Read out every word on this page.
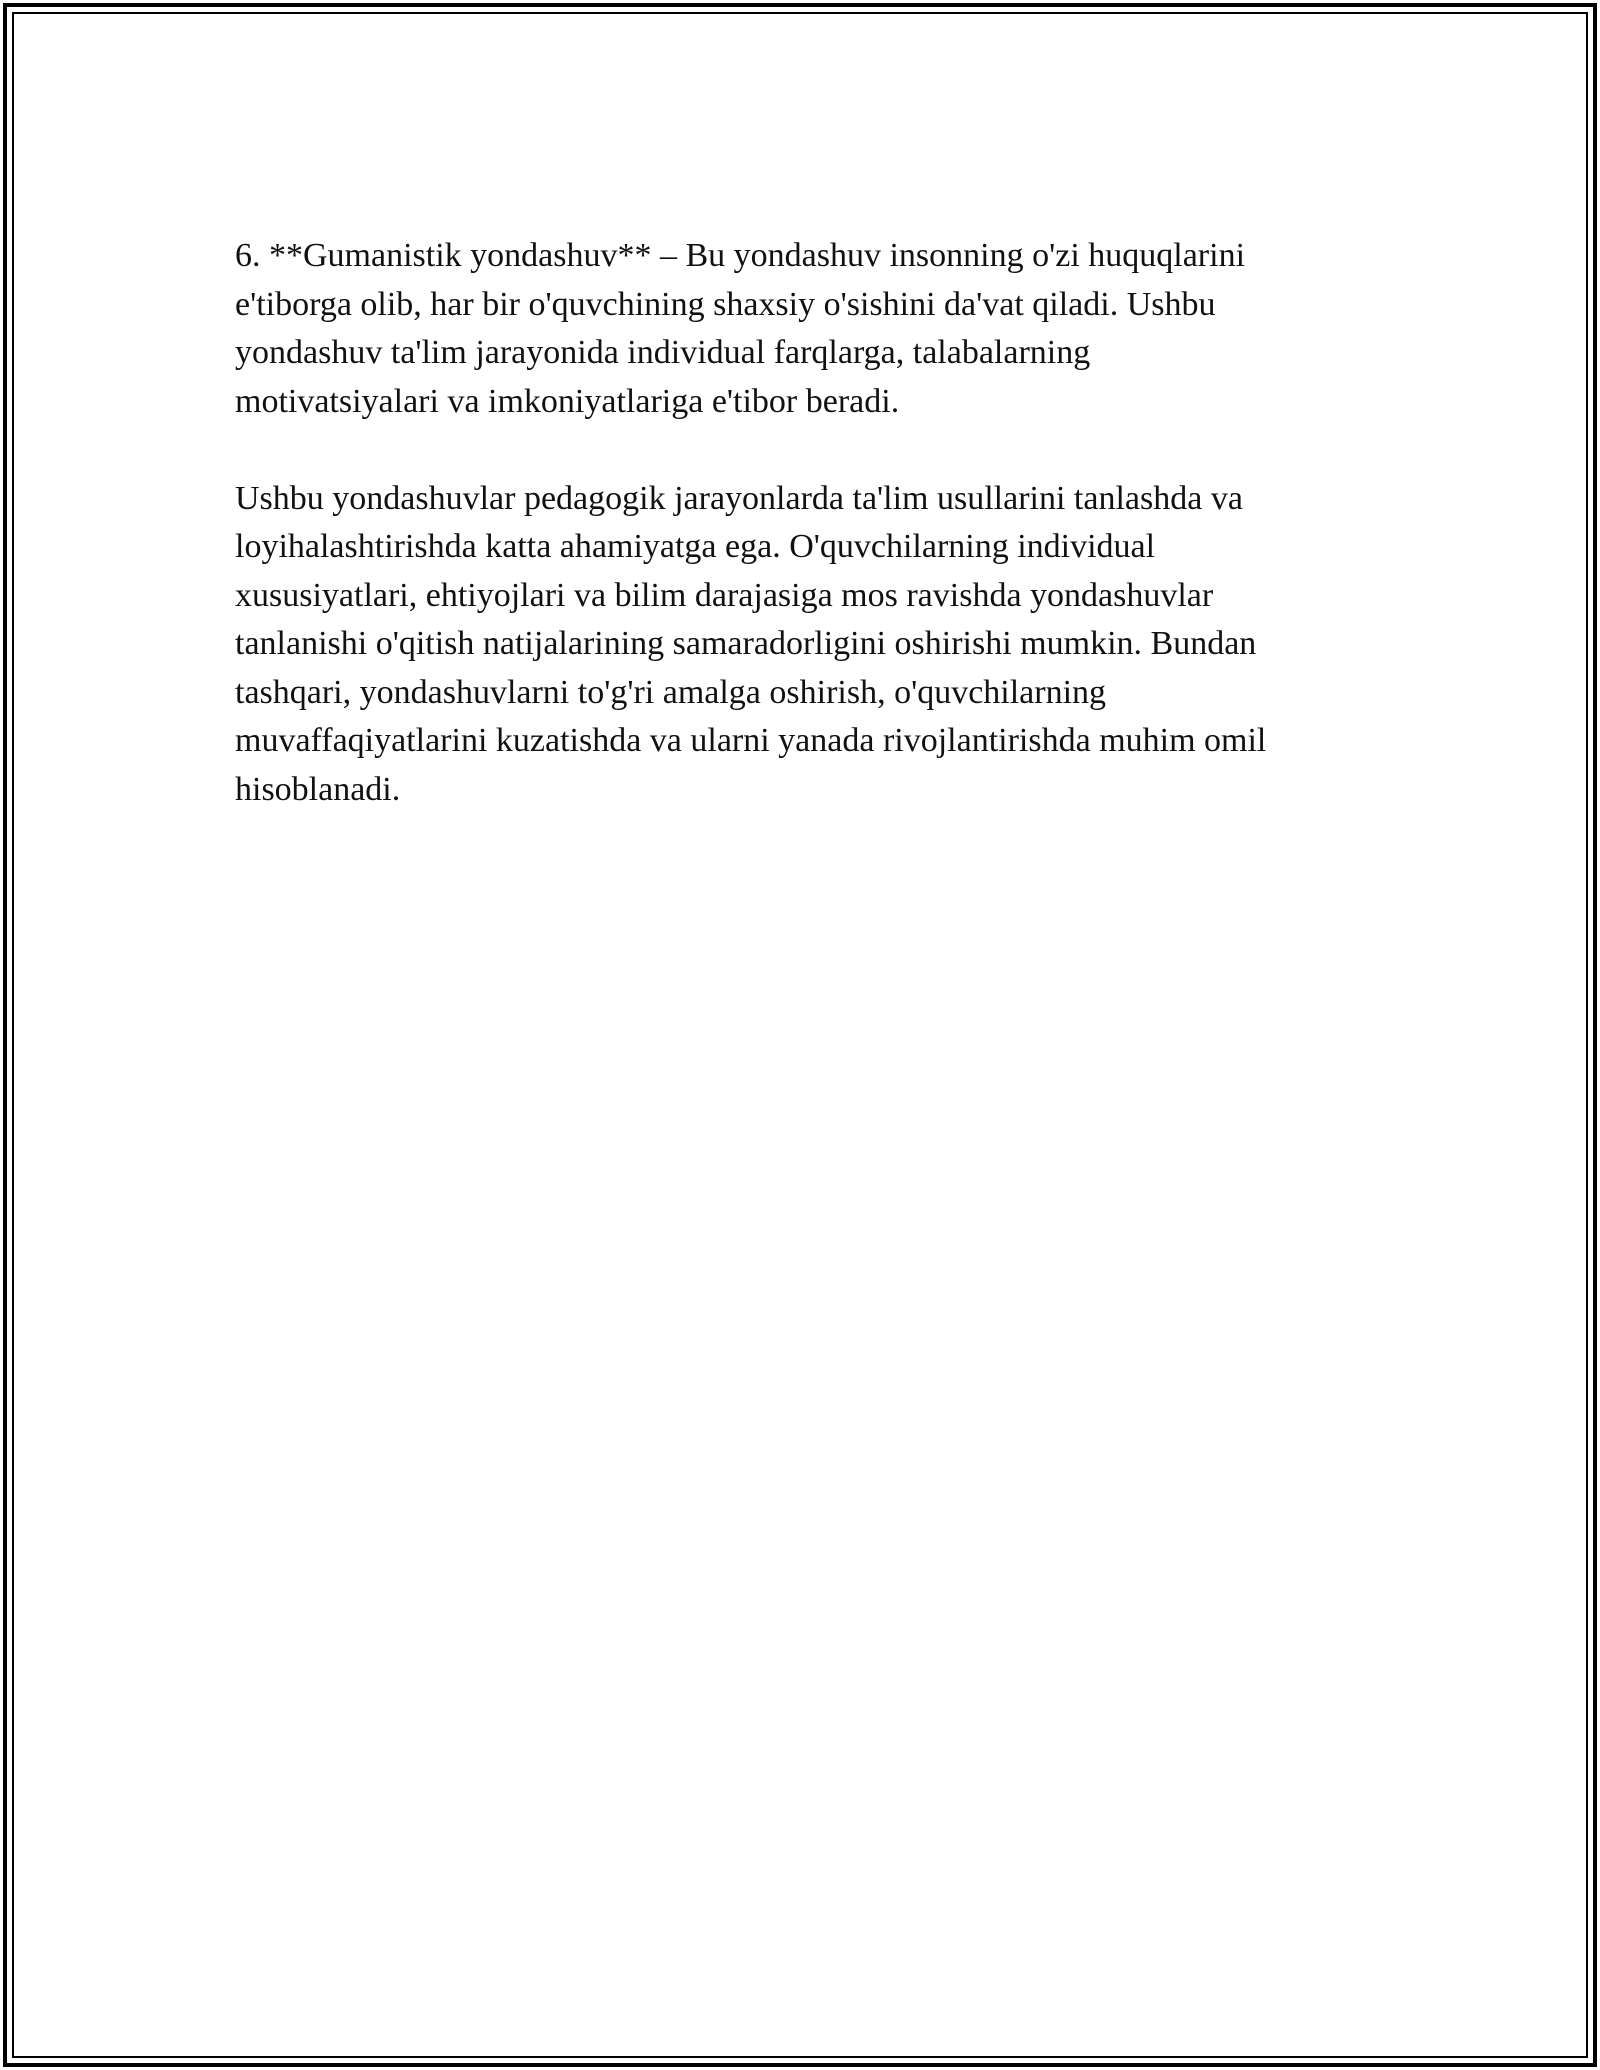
6. **Gumanistik yondashuv** – Bu yondashuv insonning o'zi huquqlarini
e'tiborga olib, har bir o'quvchining shaxsiy o'sishini da'vat qiladi. Ushbu
yondashuv ta'lim jarayonida individual farqlarga, talabalarning
motivatsiyalari va imkoniyatlariga e'tibor beradi.

Ushbu yondashuvlar pedagogik jarayonlarda ta'lim usullarini tanlashda va
loyihalashtirishda katta ahamiyatga ega. O'quvchilarning individual
xususiyatlari, ehtiyojlari va bilim darajasiga mos ravishda yondashuvlar
tanlanishi o'qitish natijalarining samaradorligini oshirishi mumkin. Bundan
tashqari, yondashuvlarni to'g'ri amalga oshirish, o'quvchilarning
muvaffaqiyatlarini kuzatishda va ularni yanada rivojlantirishda muhim omil
hisoblanadi.
